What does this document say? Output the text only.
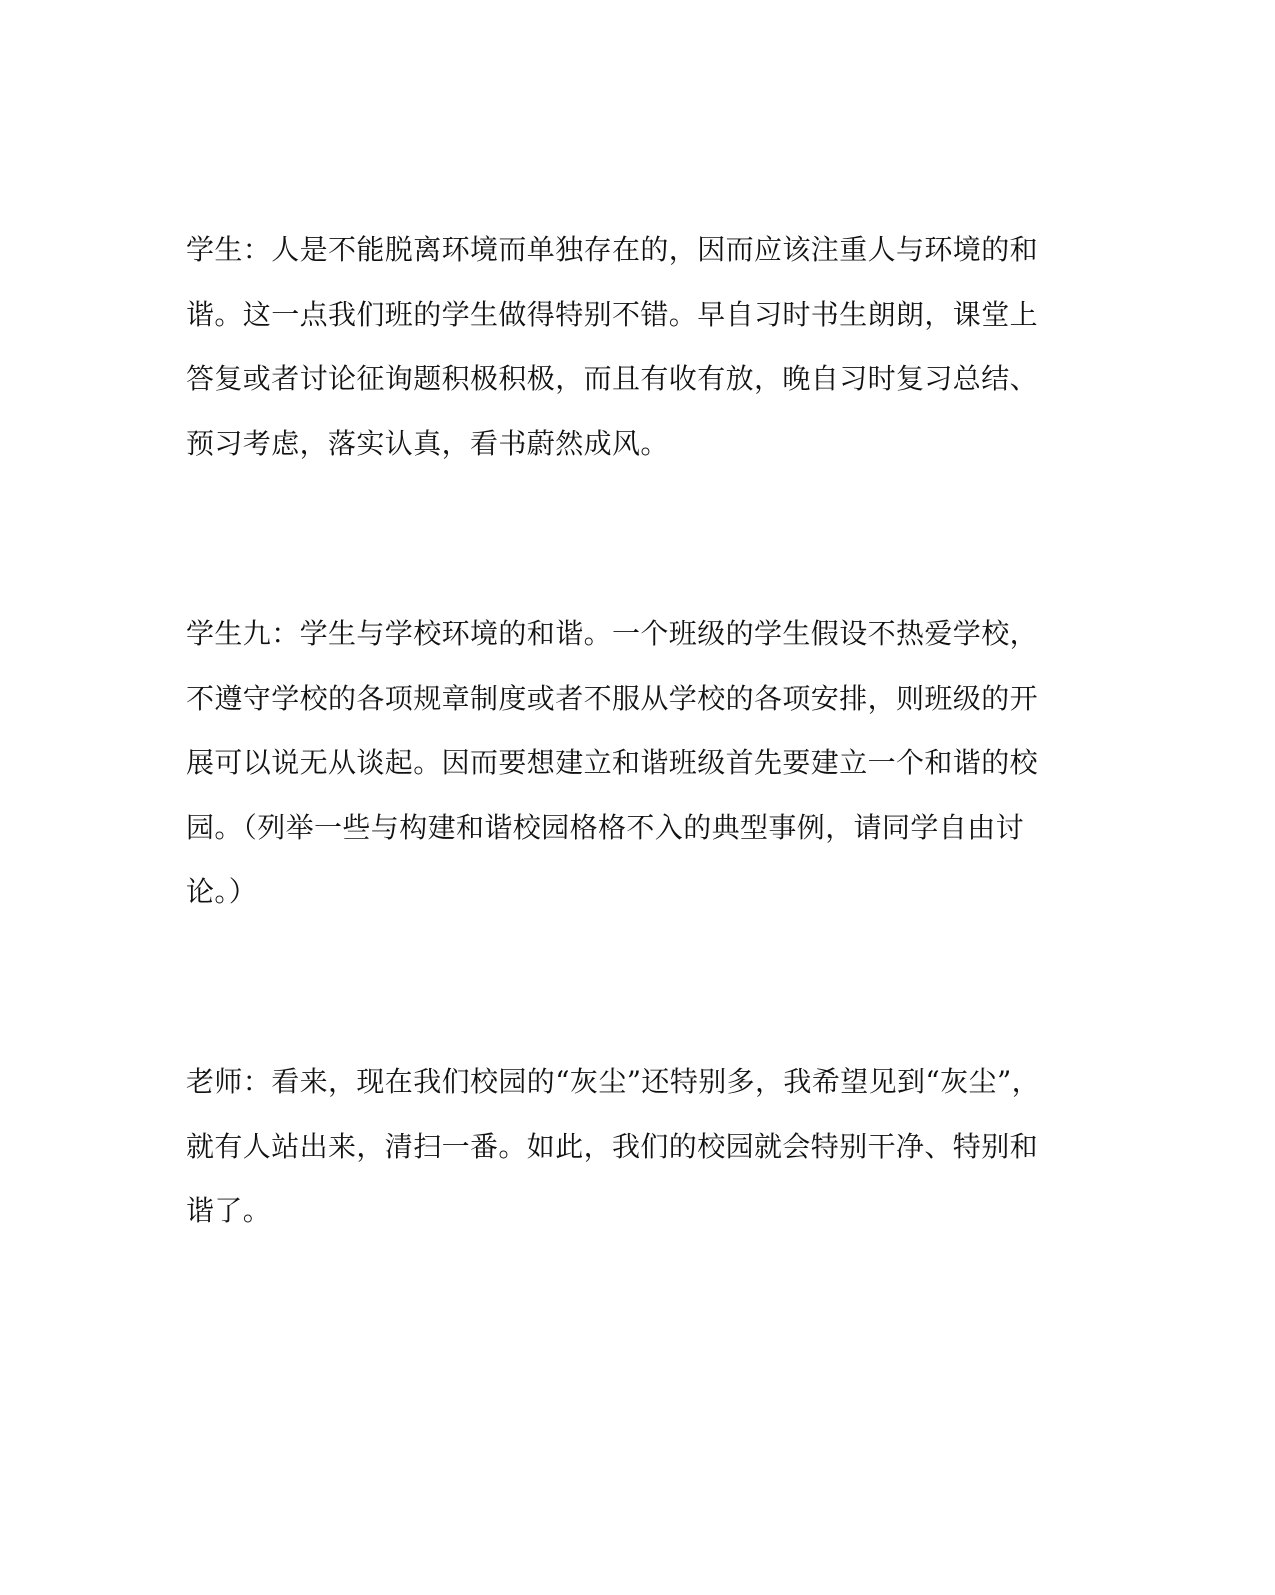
学生：人是不能脱离环境而单独存在的，因而应该注重人与环境的和
谐。这一点我们班的学生做得特别不错。早自习时书生朗朗，课堂上
答复或者讨论征询题积极积极，而且有收有放，晚自习时复习总结、
预习考虑，落实认真，看书蔚然成风。

学生九：学生与学校环境的和谐。一个班级的学生假设不热爱学校，
不遵守学校的各项规章制度或者不服从学校的各项安排，则班级的开
展可以说无从谈起。因而要想建立和谐班级首先要建立一个和谐的校
园。（列举一些与构建和谐校园格格不入的典型事例，请同学自由讨
论。）

老师：看来，现在我们校园的“灰尘”还特别多，我希望见到“灰尘”，
就有人站出来，清扫一番。如此，我们的校园就会特别干净、特别和
谐了。
